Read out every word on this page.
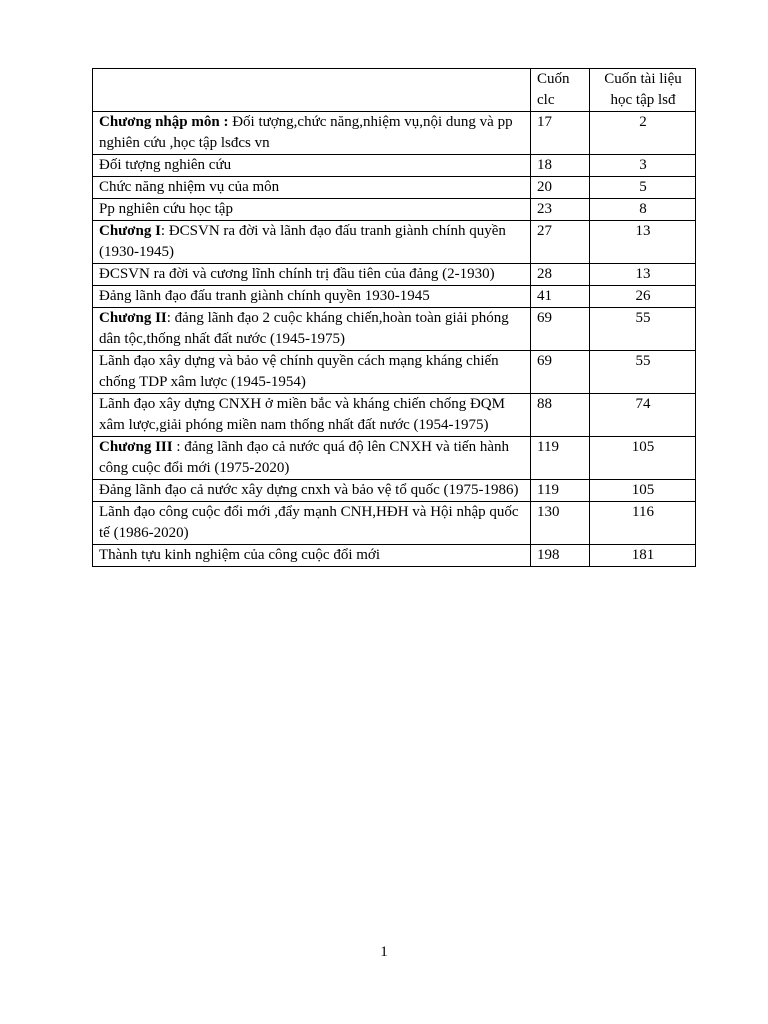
	Cuốn clc	Cuốn tài liệu học tập lsđ
Chương nhập môn : Đối tượng,chức năng,nhiệm vụ,nội dung và pp nghiên cứu ,học tập lsđcs vn	17	2
Đối tượng nghiên cứu	18	3
Chức năng nhiệm vụ của môn	20	5
Pp nghiên cứu học tập	23	8
Chương I: ĐCSVN ra đời và lãnh đạo đấu tranh giành chính quyền (1930-1945)	27	13
ĐCSVN ra đời và cương lĩnh chính trị đầu tiên của đảng (2-1930)	28	13
Đảng lãnh đạo đấu tranh giành chính quyền 1930-1945	41	26
Chương II: đảng lãnh đạo 2 cuộc kháng chiến,hoàn toàn giải phóng dân tộc,thống nhất đất nước (1945-1975)	69	55
Lãnh đạo xây dựng và bảo vệ chính quyền cách mạng kháng chiến chống TDP xâm lược (1945-1954)	69	55
Lãnh đạo xây dựng CNXH ở miền bắc và kháng chiến chống ĐQM xâm lược,giải phóng miền nam thống nhất đất nước (1954-1975)	88	74
Chương III : đảng lãnh đạo cả nước quá độ lên CNXH và tiến hành công cuộc đổi mới (1975-2020)	119	105
Đảng lãnh đạo cả nước xây dựng cnxh và bảo vệ tổ quốc (1975-1986)	119	105
Lãnh đạo công cuộc đổi mới ,đẩy mạnh CNH,HĐH và Hội nhập quốc tế (1986-2020)	130	116
Thành tựu kinh nghiệm của công cuộc đổi mới	198	181
1
